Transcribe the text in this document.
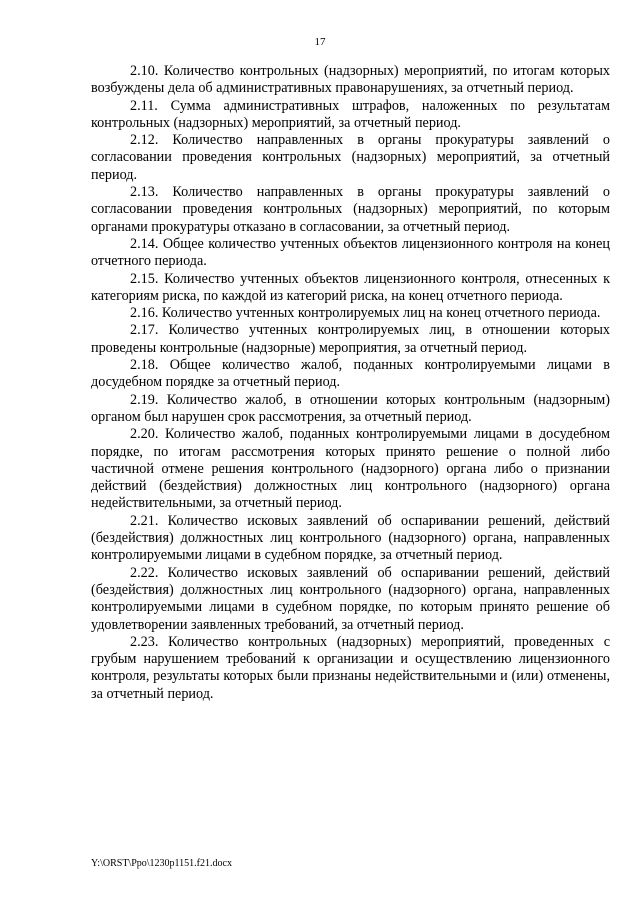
17

2.10. Количество контрольных (надзорных) мероприятий, по итогам которых возбуждены дела об административных правонарушениях, за отчетный период.

2.11. Сумма административных штрафов, наложенных по результатам контрольных (надзорных) мероприятий, за отчетный период.

2.12. Количество направленных в органы прокуратуры заявлений о согласовании проведения контрольных (надзорных) мероприятий, за отчетный период.

2.13. Количество направленных в органы прокуратуры заявлений о согласовании проведения контрольных (надзорных) мероприятий, по которым органами прокуратуры отказано в согласовании, за отчетный период.

2.14. Общее количество учтенных объектов лицензионного контроля на конец отчетного периода.

2.15. Количество учтенных объектов лицензионного контроля, отнесенных к категориям риска, по каждой из категорий риска, на конец отчетного периода.

2.16. Количество учтенных контролируемых лиц на конец отчетного периода.

2.17. Количество учтенных контролируемых лиц, в отношении которых проведены контрольные (надзорные) мероприятия, за отчетный период.

2.18. Общее количество жалоб, поданных контролируемыми лицами в досудебном порядке за отчетный период.

2.19. Количество жалоб, в отношении которых контрольным (надзорным) органом был нарушен срок рассмотрения, за отчетный период.

2.20. Количество жалоб, поданных контролируемыми лицами в досудебном порядке, по итогам рассмотрения которых принято решение о полной либо частичной отмене решения контрольного (надзорного) органа либо о признании действий (бездействия) должностных лиц контрольного (надзорного) органа недействительными, за отчетный период.

2.21. Количество исковых заявлений об оспаривании решений, действий (бездействия) должностных лиц контрольного (надзорного) органа, направленных контролируемыми лицами в судебном порядке, за отчетный период.

2.22. Количество исковых заявлений об оспаривании решений, действий (бездействия) должностных лиц контрольного (надзорного) органа, направленных контролируемыми лицами в судебном порядке, по которым принято решение об удовлетворении заявленных требований, за отчетный период.

2.23. Количество контрольных (надзорных) мероприятий, проведенных с грубым нарушением требований к организации и осуществлению лицензионного контроля, результаты которых были признаны недействительными и (или) отменены, за отчетный период.

Y:\ORST\Ppo\1230p1151.f21.docx
